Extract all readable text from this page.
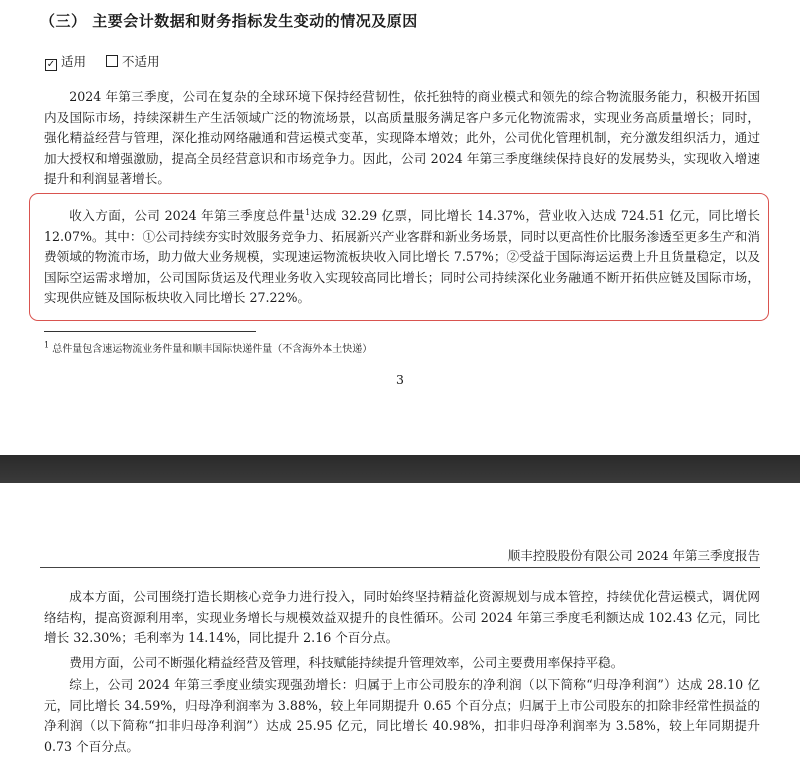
（三） 主要会计数据和财务指标发生变动的情况及原因
✓ 适用	不适用

2024 年第三季度，公司在复杂的全球环境下保持经营韧性，依托独特的商业模式和领先的综合物流服务能力，积极开拓国内及国际市场，持续深耕生产生活领域广泛的物流场景，以高质量服务满足客户多元化物流需求，实现业务高质量增长；同时，强化精益经营与管理，深化推动网络融通和营运模式变革，实现降本增效；此外，公司优化管理机制，充分激发组织活力，通过加大授权和增强激励，提高全员经营意识和市场竞争力。因此，公司 2024 年第三季度继续保持良好的发展势头，实现收入增速提升和利润显著增长。

收入方面，公司 2024 年第三季度总件量$^1$达成 32.29 亿票，同比增长 14.37%，营业收入达成 724.51 亿元，同比增长 12.07%。其中：①公司持续夯实时效服务竞争力、拓展新兴产业客群和新业务场景，同时以更高性价比服务渗透至更多生产和消费领域的物流市场，助力做大业务规模，实现速运物流板块收入同比增长 7.57%；②受益于国际海运运费上升且货量稳定，以及国际空运需求增加，公司国际货运及代理业务收入实现较高同比增长；同时公司持续深化业务融通不断开拓供应链及国际市场，实现供应链及国际板块收入同比增长 27.22%。

$^1$ 总件量包含速运物流业务件量和顺丰国际快递件量（不含海外本土快递）
3
顺丰控股股份有限公司 2024 年第三季度报告

成本方面，公司围绕打造长期核心竞争力进行投入，同时始终坚持精益化资源规划与成本管控，持续优化营运模式，调优网络结构，提高资源利用率，实现业务增长与规模效益双提升的良性循环。公司 2024 年第三季度毛利额达成 102.43 亿元，同比增长 32.30%；毛利率为 14.14%，同比提升 2.16 个百分点。

费用方面，公司不断强化精益经营及管理，科技赋能持续提升管理效率，公司主要费用率保持平稳。

综上，公司 2024 年第三季度业绩实现强劲增长：归属于上市公司股东的净利润（以下简称“归母净利润”）达成 28.10 亿元，同比增长 34.59%，归母净利润率为 3.88%，较上年同期提升 0.65 个百分点；归属于上市公司股东的扣除非经常性损益的净利润（以下简称“扣非归母净利润”）达成 25.95 亿元，同比增长 40.98%，扣非归母净利润率为 3.58%，较上年同期提升 0.73 个百分点。
